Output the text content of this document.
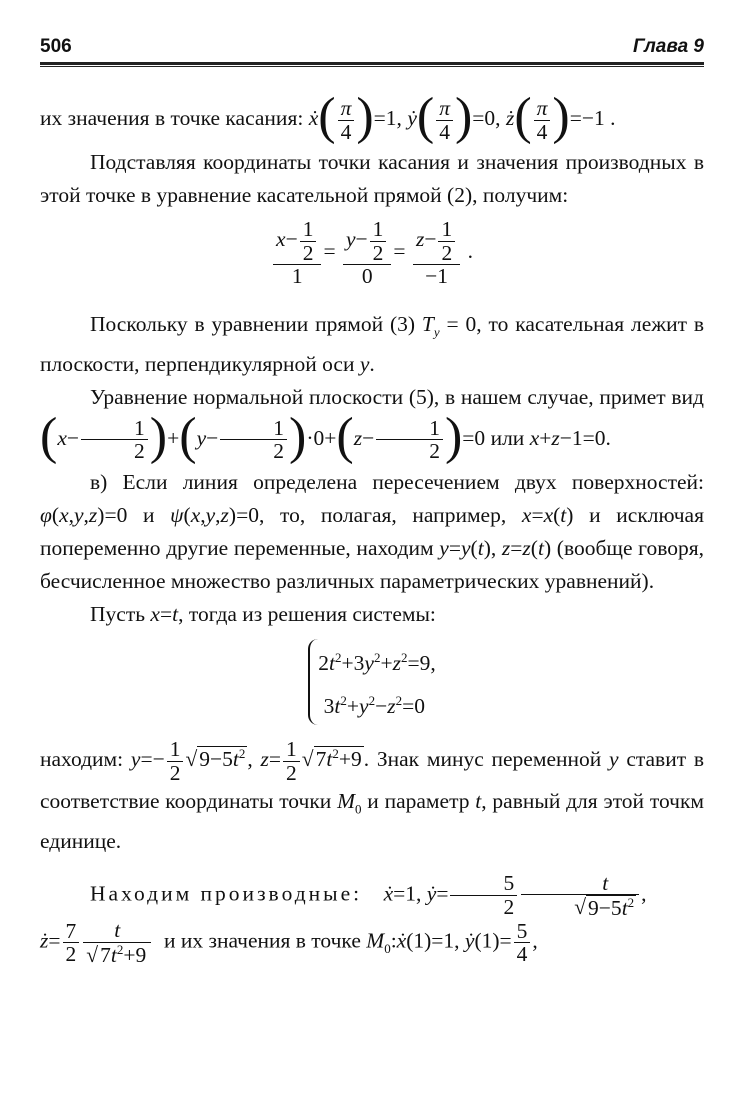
506	Глава 9

их значения в точке касания: ẋ( $\frac{\pi}{4} )=1$, ẏ( $\frac{\pi}{4} )=0$, ż( $\frac{\pi}{4} )=-1$ .

Подставляя координаты точки касания и значения производных в этой точке в уравнение касательной прямой (2), получим:

$\frac{x- \frac{1}{2}}{1} = \frac{y- \frac{1}{2}}{0} = \frac{z- \frac{1}{2}}{-1}$ .

Поскольку в уравнении прямой (3) $T_y = 0$, то касательная лежит в плоскости, перпендикулярной оси y.

Уравнение нормальной плоскости (5), в нашем случае, примет вид $(x- \frac{1}{2} )+(y- \frac{1}{2} )\cdot 0+(z- \frac{1}{2} )=0$ или x+z−1=0.

в) Если линия определена пересечением двух поверхностей: φ(x,y,z)=0 и ψ(x,y,z)=0, то, полагая, например, x=x(t) и исключая попеременно другие переменные, находим y=y(t), z=z(t) (вообще говоря, бесчисленное множество различных параметрических уравнений).

Пусть x=t, тогда из решения системы:

$2t^2+3y^2+z^2=9$,
$3t^2+y^2-z^2=0$

находим: $y=- \frac{1}{2} √9-5t^2$, $z= \frac{1}{2} √7t^2+9$. Знак минус переменной y ставит в соответствие координаты точки $M_0$ и параметр t, равный для этой точкм единице.

Находим производные: ẋ=1, ẏ= $\frac{5}{2} \frac{t}{√9-5t^2}$ ,

ż= $\frac{7}{2} \frac{t}{√7t^2+9}$ и их значения в точке $M_0:ẋ(1)=1$, ẏ(1)= $\frac{5}{4}$ ,
